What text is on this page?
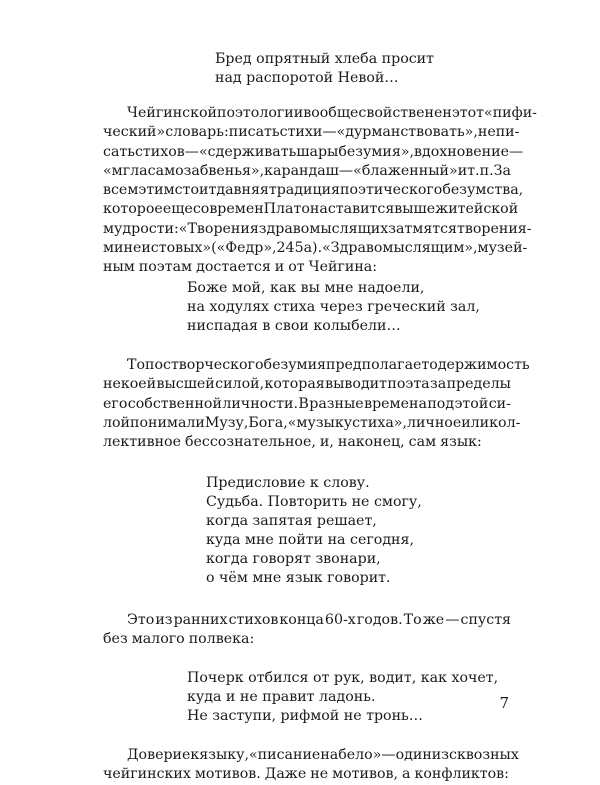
Бред опрятный хлеба просит
над распоротой Невой…
Чейгинской поэтологии вообще свойственен этот «пифи-
ческий» словарь: писать стихи — «дурманствовать», не пи-
сать стихов — «сдерживать шары безумия», вдохновение —
«мгла самозабвенья», карандаш — «блаженный» и т. п. За
всем этим стоит давняя традиция поэтического безумства,
которое еще со времен Платона ставится выше житейской
мудрости: «Творения здравомыслящих затмятся творения-
ми неистовых» («Федр», 245а). «Здравомыслящим», музей-
ным поэтам достается и от Чейгина:
Боже мой, как вы мне надоели,
на ходулях стиха через греческий зал,
ниспадая в свои колыбели…
Топос творческого безумия предполагает одержимость
некоей высшей силой, которая выводит поэта за пределы
его собственной личности. В разные времена под этой си-
лой понимали Музу, Бога, «музыку стиха», личное или кол-
лективное бессознательное, и, наконец, сам язык:
Предисловие к слову.
Судьба. Повторить не смогу,
когда запятая решает,
куда мне пойти на сегодня,
когда говорят звонари,
о чём мне язык говорит.
Это из ранних стихов конца 60-х годов. То же — спустя
без малого полвека:
Почерк отбился от рук, водит, как хочет,
куда и не правит ладонь.
Не заступи, рифмой не тронь…
Доверие к языку, «писание набело» — один из сквозных
чейгинских мотивов. Даже не мотивов, а конфликтов:
7
